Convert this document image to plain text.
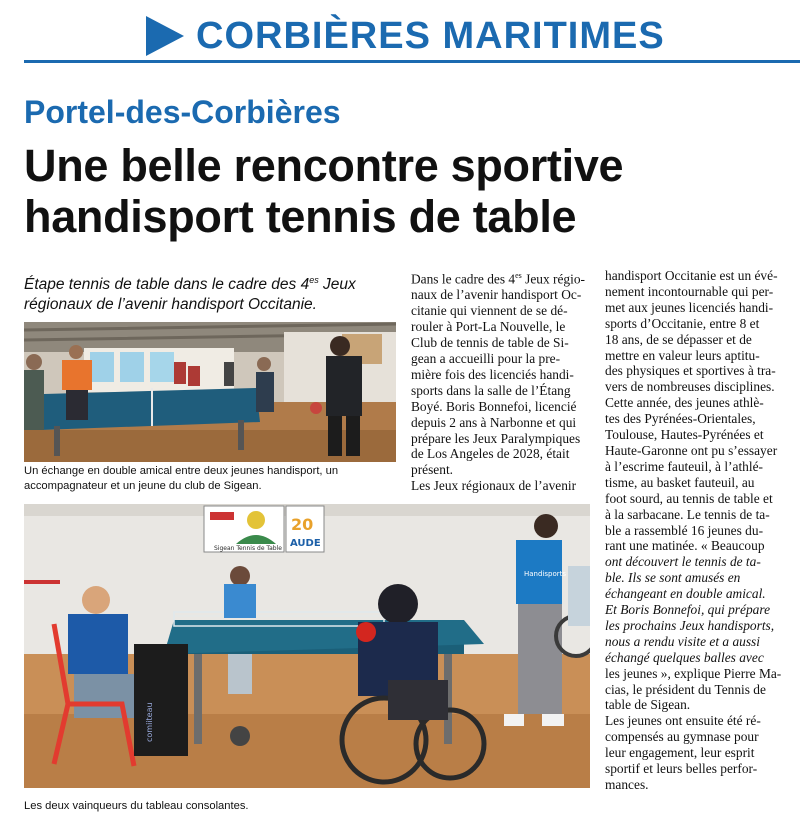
CORBIÈRES MARITIMES
Portel-des-Corbières
Une belle rencontre sportive
handisport tennis de table
Étape tennis de table dans le cadre des $4^{es}$ Jeux
régionaux de l’avenir handisport Occitanie.
Un échange en double amical entre deux jeunes handisport, un
accompagnateur et un jeune du club de Sigean.
Sigean Tennis de Table
20
AUDE
Handisports
comiiteau
Les deux vainqueurs du tableau consolantes.
Dans le cadre des $4^{es}$ Jeux régio-
naux de l’avenir handisport Oc-
citanie qui viennent de se dé-
rouler à Port-La Nouvelle, le
Club de tennis de table de Si-
gean a accueilli pour la pre-
mière fois des licenciés handi-
sports dans la salle de l’Étang
Boyé. Boris Bonnefoi, licencié
depuis 2 ans à Narbonne et qui
prépare les Jeux Paralympiques
de Los Angeles de 2028, était
présent.
Les Jeux régionaux de l’avenir
handisport Occitanie est un évé-
nement incontournable qui per-
met aux jeunes licenciés handi-
sports d’Occitanie, entre 8 et
18 ans, de se dépasser et de
mettre en valeur leurs aptitu-
des physiques et sportives à tra-
vers de nombreuses disciplines.
Cette année, des jeunes athlè-
tes des Pyrénées-Orientales,
Toulouse, Hautes-Pyrénées et
Haute-Garonne ont pu s’essayer
à l’escrime fauteuil, à l’athlé-
tisme, au basket fauteuil, au
foot sourd, au tennis de table et
à la sarbacane. Le tennis de ta-
ble a rassemblé 16 jeunes du-
rant une matinée. « Beaucoup
ont découvert le tennis de ta-
ble. Ils se sont amusés en
échangeant en double amical.
Et Boris Bonnefoi, qui prépare
les prochains Jeux handisports,
nous a rendu visite et a aussi
échangé quelques balles avec
les jeunes », explique Pierre Ma-
cias, le président du Tennis de
table de Sigean.
Les jeunes ont ensuite été ré-
compensés au gymnase pour
leur engagement, leur esprit
sportif et leurs belles perfor-
mances.
